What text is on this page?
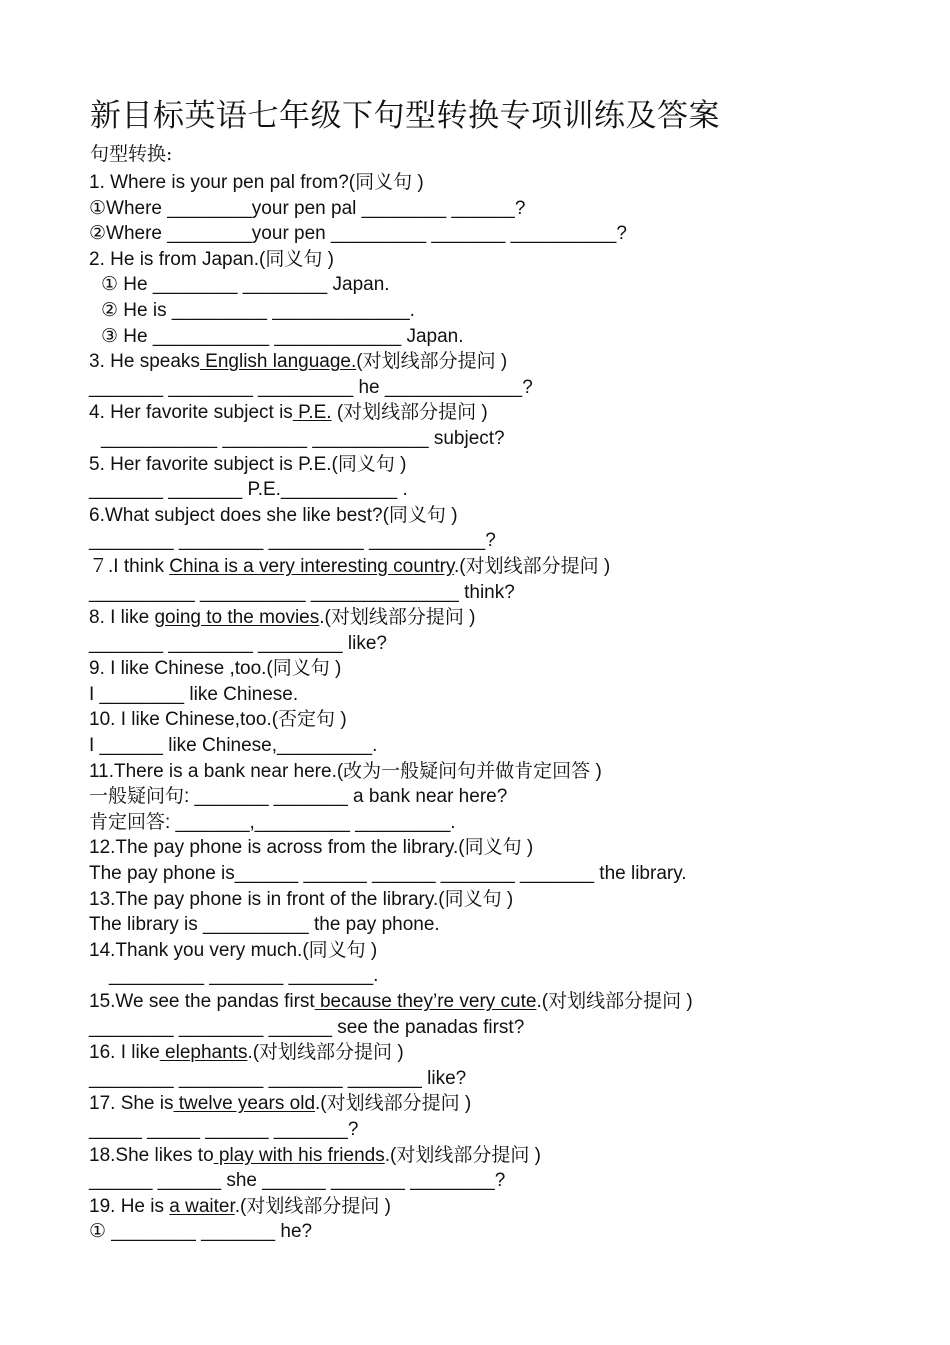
新目标英语七年级下句型转换专项训练及答案
句型转换:
1. Where is your pen pal from?(同义句 )
①Where ________your pen pal ________ ______?
②Where ________your pen _________ _______ __________?
2. He is from Japan.(同义句 )
① He ________ ________ Japan.
② He is _________ _____________.
③ He ___________ ____________ Japan.
3. He speaks English language.(对划线部分提问 )
_______ ________ _________ he _____________?
4. Her favorite subject is P.E. (对划线部分提问 )
___________ ________ ___________ subject?
5. Her favorite subject is P.E.(同义句 )
_______ _______ P.E.___________ .
6.What subject does she like best?(同义句 )
________ ________ _________ ___________?
７.I think China is a very interesting country.(对划线部分提问 )
__________ __________ ______________ think?
8. I like going to the movies.(对划线部分提问 )
_______ ________ ________ like?
9. I like Chinese ,too.(同义句 )
I ________ like Chinese.
10. I like Chinese,too.(否定句 )
I ______ like Chinese,_________.
11.There is a bank near here.(改为一般疑问句并做肯定回答 )
一般疑问句: _______ _______ a bank near here?
肯定回答: _______,_________ _________.
12.The pay phone is across from the library.(同义句 )
The pay phone is______ ______ ______ _______ _______ the library.
13.The pay phone is in front of the library.(同义句 )
The library is __________ the pay phone.
14.Thank you very much.(同义句 )
_________ _______ ________.
15.We see the pandas first because they’re very cute.(对划线部分提问 )
________ ________ ______ see the panadas first?
16. I like elephants.(对划线部分提问 )
________ ________ _______ _______ like?
17. She is twelve years old.(对划线部分提问 )
_____ _____ ______ _______?
18.She likes to play with his friends.(对划线部分提问 )
______ ______ she ______ _______ ________?
19. He is a waiter.(对划线部分提问 )
① ________ _______ he?
